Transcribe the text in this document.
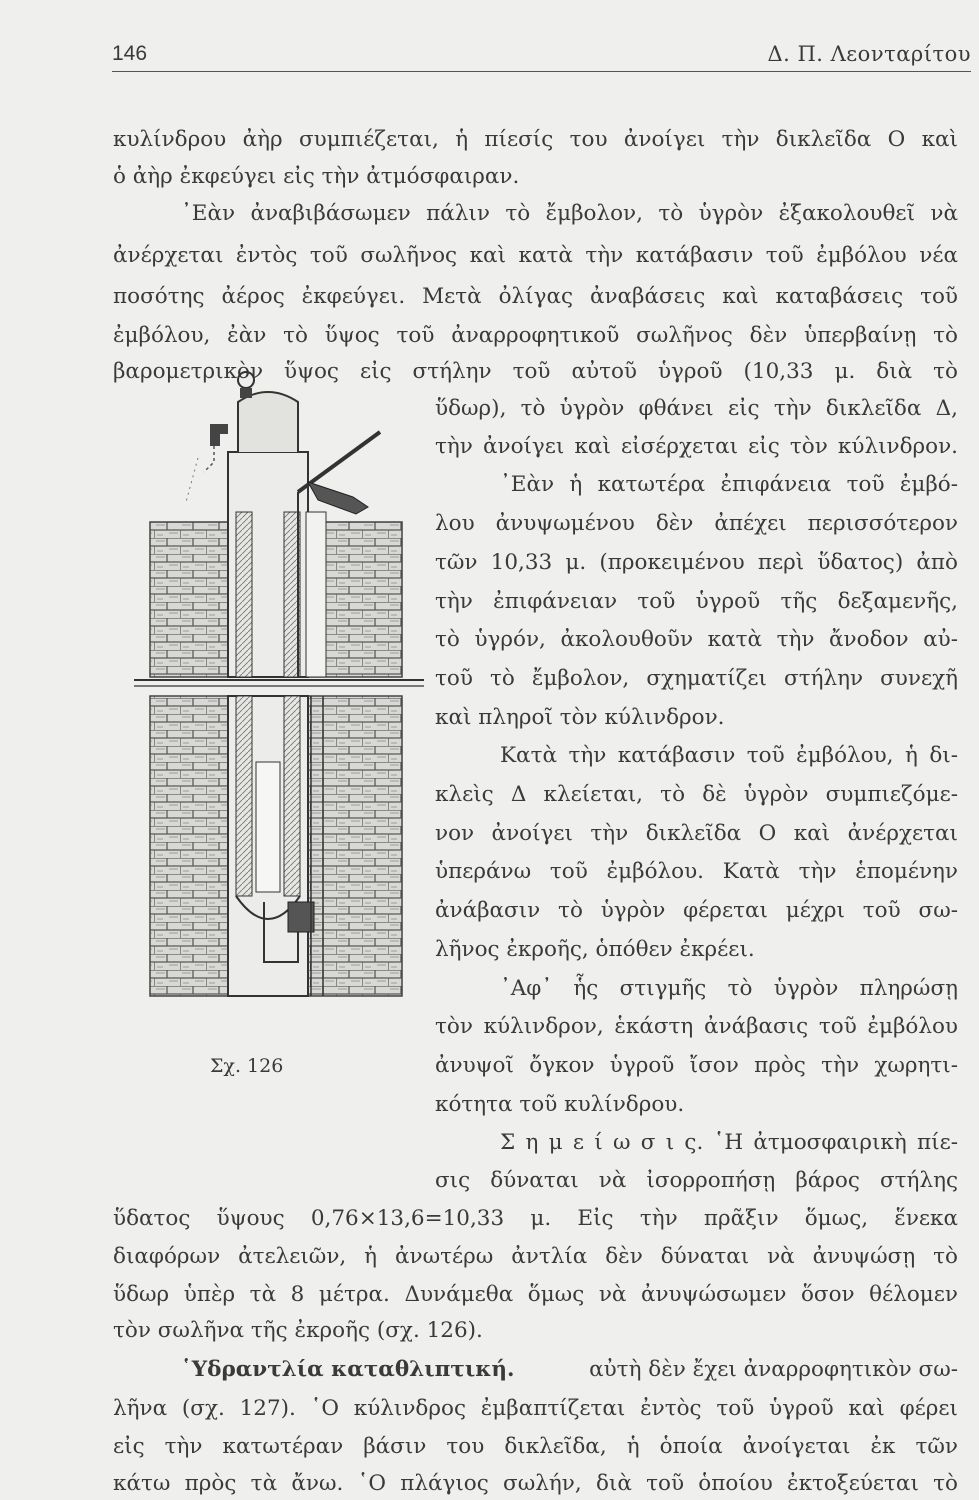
146	Δ. Π. Λεονταρίτου
κυλίνδρου ἀὴρ συμπιέζεται, ἡ πίεσίς του ἀνοίγει τὴν δικλεῖδα Ο καὶ
ὁ ἀὴρ ἐκφεύγει εἰς τὴν ἀτμόσφαιραν.
᾽Εὰν ἀναβιβάσωμεν πάλιν τὸ ἔμβολον, τὸ ὑγρὸν ἐξακολουθεῖ νὰ
ἀνέρχεται ἐντὸς τοῦ σωλῆνος καὶ κατὰ τὴν κατάβασιν τοῦ ἐμβόλου νέα
ποσότης ἀέρος ἐκφεύγει. Μετὰ ὀλίγας ἀναβάσεις καὶ καταβάσεις τοῦ
ἐμβόλου, ἐὰν τὸ ὕψος τοῦ ἀναρροφητικοῦ σωλῆνος δὲν ὑπερβαίνῃ τὸ
βαρομετρικὸν ὕψος εἰς στήλην τοῦ αὐτοῦ ὑγροῦ (10,33 μ. διὰ τὸ
ὕδωρ), τὸ ὑγρὸν φθάνει εἰς τὴν δικλεῖδα Δ,
τὴν ἀνοίγει καὶ εἰσέρχεται εἰς τὸν κύλινδρον.
᾽Εὰν ἡ κατωτέρα ἐπιφάνεια τοῦ ἐμβό-
λου ἀνυψωμένου δὲν ἀπέχει περισσότερον
τῶν 10,33 μ. (προκειμένου περὶ ὕδατος) ἀπὸ
τὴν ἐπιφάνειαν τοῦ ὑγροῦ τῆς δεξαμενῆς,
τὸ ὑγρόν, ἀκολουθοῦν κατὰ τὴν ἄνοδον αὐ-
τοῦ τὸ ἔμβολον, σχηματίζει στήλην συνεχῆ
καὶ πληροῖ τὸν κύλινδρον.
Κατὰ τὴν κατάβασιν τοῦ ἐμβόλου, ἡ δι-
κλεὶς Δ κλείεται, τὸ δὲ ὑγρὸν συμπιεζόμε-
νον ἀνοίγει τὴν δικλεῖδα Ο καὶ ἀνέρχεται
ὑπεράνω τοῦ ἐμβόλου. Κατὰ τὴν ἑπομένην
ἀνάβασιν τὸ ὑγρὸν φέρεται μέχρι τοῦ σω-
λῆνος ἐκροῆς, ὁπόθεν ἐκρέει.
᾽Αφ᾽ ἧς στιγμῆς τὸ ὑγρὸν πληρώσῃ
τὸν κύλινδρον, ἑκάστη ἀνάβασις τοῦ ἐμβόλου
ἀνυψοῖ ὄγκον ὑγροῦ ἴσον πρὸς τὴν χωρητι-
κότητα τοῦ κυλίνδρου.
Σ η μ ε ί ω σ ι ς. ῾Η ἀτμοσφαιρικὴ πίε-
σις δύναται νὰ ἰσορροπήσῃ βάρος στήλης
ὕδατος ὕψους 0,76×13,6=10,33 μ. Εἰς τὴν πρᾶξιν ὅμως, ἕνεκα
διαφόρων ἀτελειῶν, ἡ ἀνωτέρω ἀντλία δὲν δύναται νὰ ἀνυψώσῃ τὸ
ὕδωρ ὑπὲρ τὰ 8 μέτρα. Δυνάμεθα ὅμως νὰ ἀνυψώσωμεν ὅσον θέλομεν
τὸν σωλῆνα τῆς ἐκροῆς (σχ. 126).
῾Υδραντλία καταθλιπτική.	αὐτὴ δὲν ἔχει ἀναρροφητικὸν σω-
λῆνα (σχ. 127). ῾Ο κύλινδρος ἐμβαπτίζεται ἐντὸς τοῦ ὑγροῦ καὶ φέρει
εἰς τὴν κατωτέραν βάσιν του δικλεῖδα, ἡ ὁποία ἀνοίγεται ἐκ τῶν
κάτω πρὸς τὰ ἄνω. ῾Ο πλάγιος σωλήν, διὰ τοῦ ὁποίου ἐκτοξεύεται τὸ
Σχ. 126
